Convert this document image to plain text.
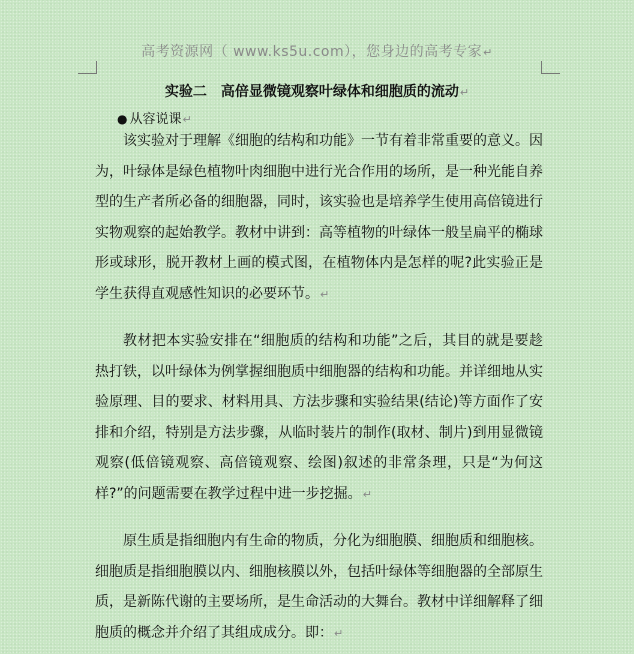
高考资源网（ www.ks5u.com），您身边的高考专家↵
实验二　高倍显微镜观察叶绿体和细胞质的流动↵
● 从容说课↵

该实验对于理解《细胞的结构和功能》一节有着非常重要的意义。因为，叶绿体是绿色植物叶肉细胞中进行光合作用的场所，是一种光能自养型的生产者所必备的细胞器，同时，该实验也是培养学生使用高倍镜进行实物观察的起始教学。教材中讲到：高等植物的叶绿体一般呈扁平的椭球形或球形，脱开教材上画的模式图，在植物体内是怎样的呢?此实验正是学生获得直观感性知识的必要环节。↵

教材把本实验安排在“细胞质的结构和功能”之后，其目的就是要趁热打铁，以叶绿体为例掌握细胞质中细胞器的结构和功能。并详细地从实验原理、目的要求、材料用具、方法步骤和实验结果(结论)等方面作了安排和介绍，特别是方法步骤，从临时装片的制作(取材、制片)到用显微镜观察(低倍镜观察、高倍镜观察、绘图)叙述的非常条理，只是“为何这样?”的问题需要在教学过程中进一步挖掘。↵

原生质是指细胞内有生命的物质，分化为细胞膜、细胞质和细胞核。细胞质是指细胞膜以内、细胞核膜以外，包括叶绿体等细胞器的全部原生质，是新陈代谢的主要场所，是生命活动的大舞台。教材中详细解释了细胞质的概念并介绍了其组成成分。即：↵
